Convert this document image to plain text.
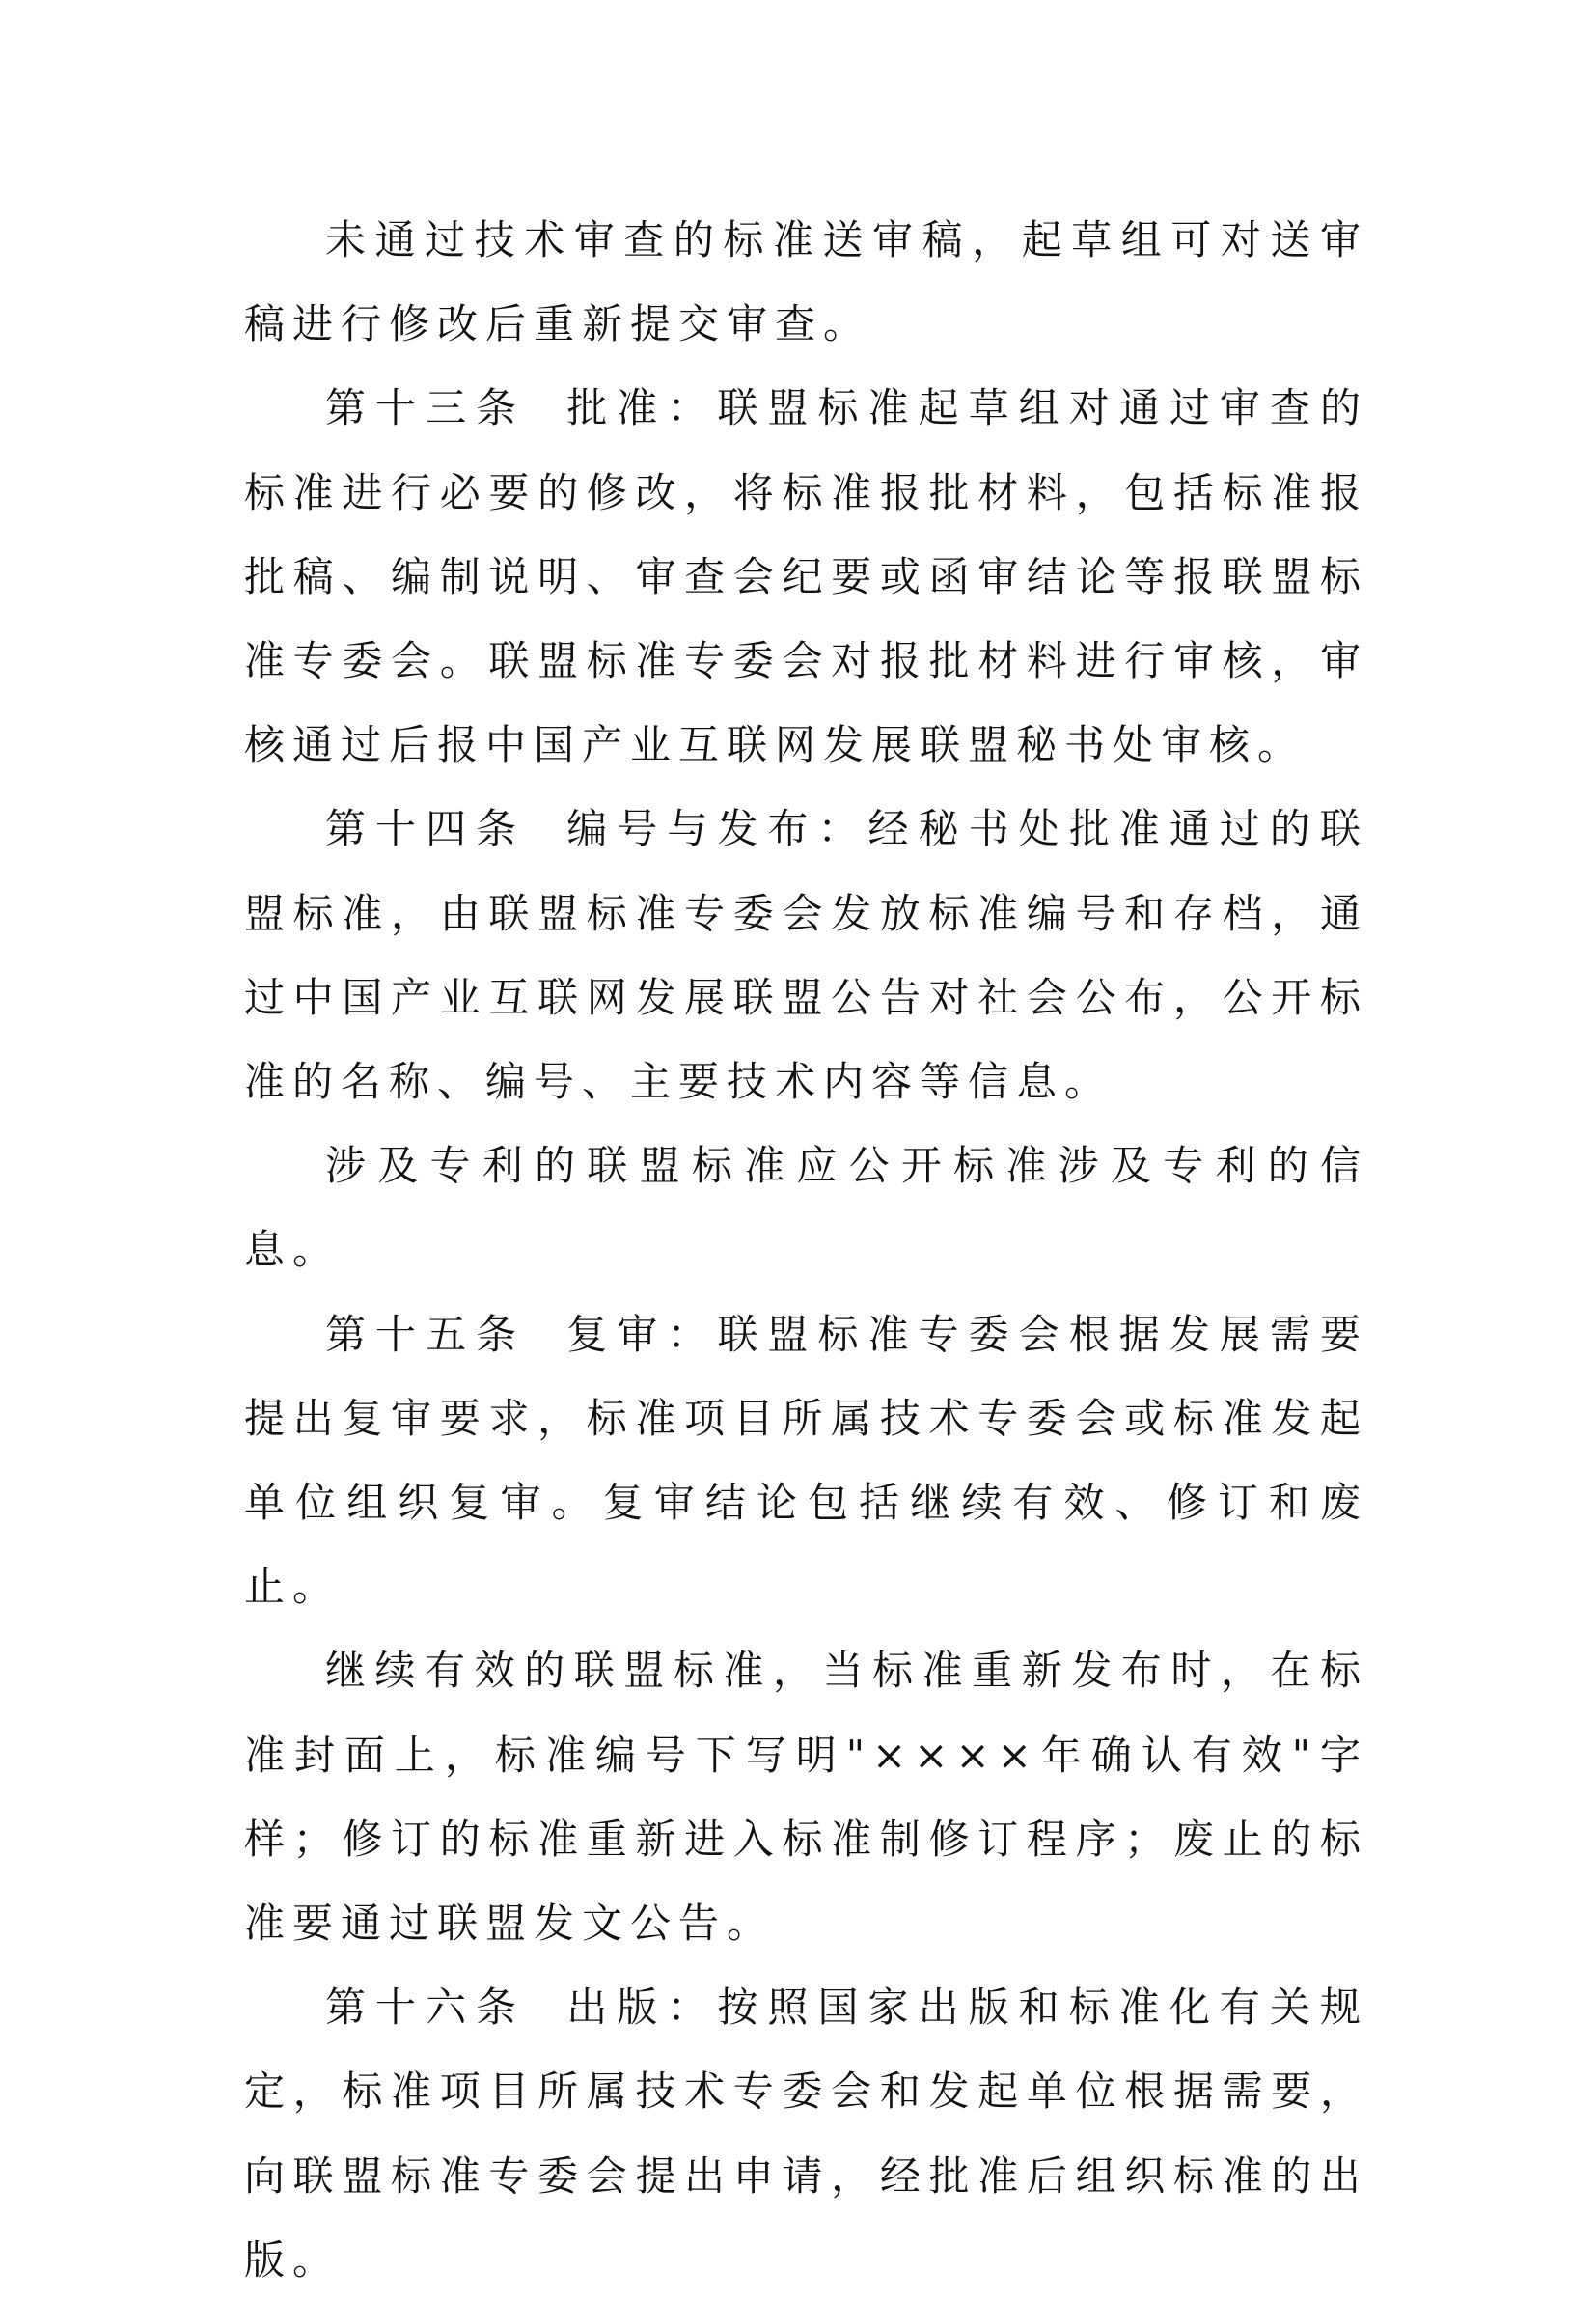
未通过技术审查的标准送审稿，起草组可对送审稿进行修改后重新提交审查。

第十三条 批准：联盟标准起草组对通过审查的标准进行必要的修改，将标准报批材料，包括标准报批稿、编制说明、审查会纪要或函审结论等报联盟标准专委会。联盟标准专委会对报批材料进行审核，审核通过后报中国产业互联网发展联盟秘书处审核。

第十四条 编号与发布：经秘书处批准通过的联盟标准，由联盟标准专委会发放标准编号和存档，通过中国产业互联网发展联盟公告对社会公布，公开标准的名称、编号、主要技术内容等信息。

涉及专利的联盟标准应公开标准涉及专利的信息。

第十五条 复审：联盟标准专委会根据发展需要提出复审要求，标准项目所属技术专委会或标准发起单位组织复审。复审结论包括继续有效、修订和废止。

继续有效的联盟标准，当标准重新发布时，在标准封面上，标准编号下写明"××××年确认有效"字样；修订的标准重新进入标准制修订程序；废止的标准要通过联盟发文公告。

第十六条 出版：按照国家出版和标准化有关规定，标准项目所属技术专委会和发起单位根据需要，向联盟标准专委会提出申请，经批准后组织标准的出版。
